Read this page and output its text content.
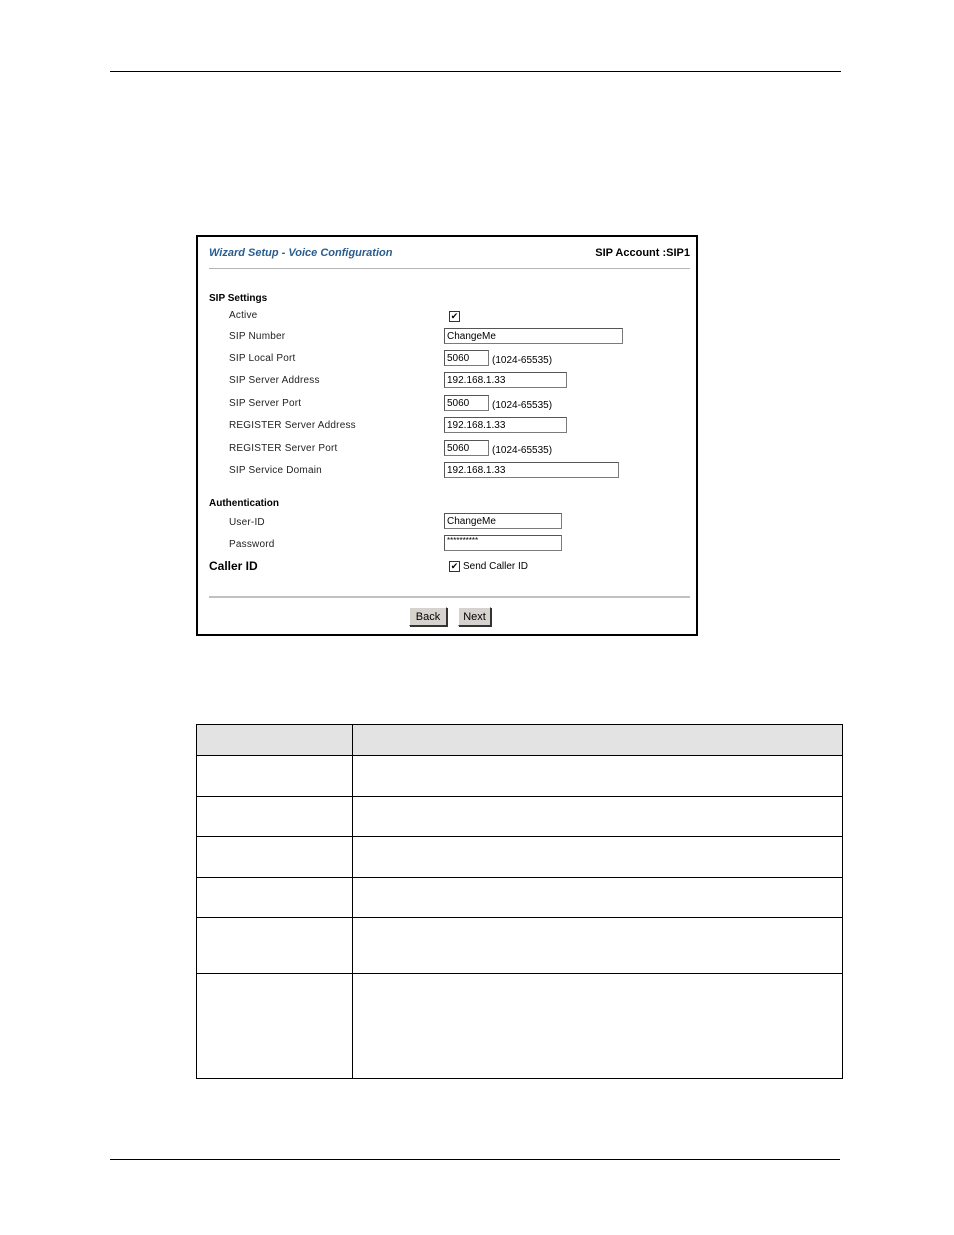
Wizard Setup - Voice Configuration	SIP Account :SIP1
SIP Settings
Active	✔
SIP Number	ChangeMe
SIP Local Port	5060	(1024-65535)
SIP Server Address	192.168.1.33
SIP Server Port	5060	(1024-65535)
REGISTER Server Address	192.168.1.33
REGISTER Server Port	5060	(1024-65535)
SIP Service Domain	192.168.1.33
Authentication
User-ID	ChangeMe
Password	**********
Caller ID	✔ Send Caller ID
Back	Next
